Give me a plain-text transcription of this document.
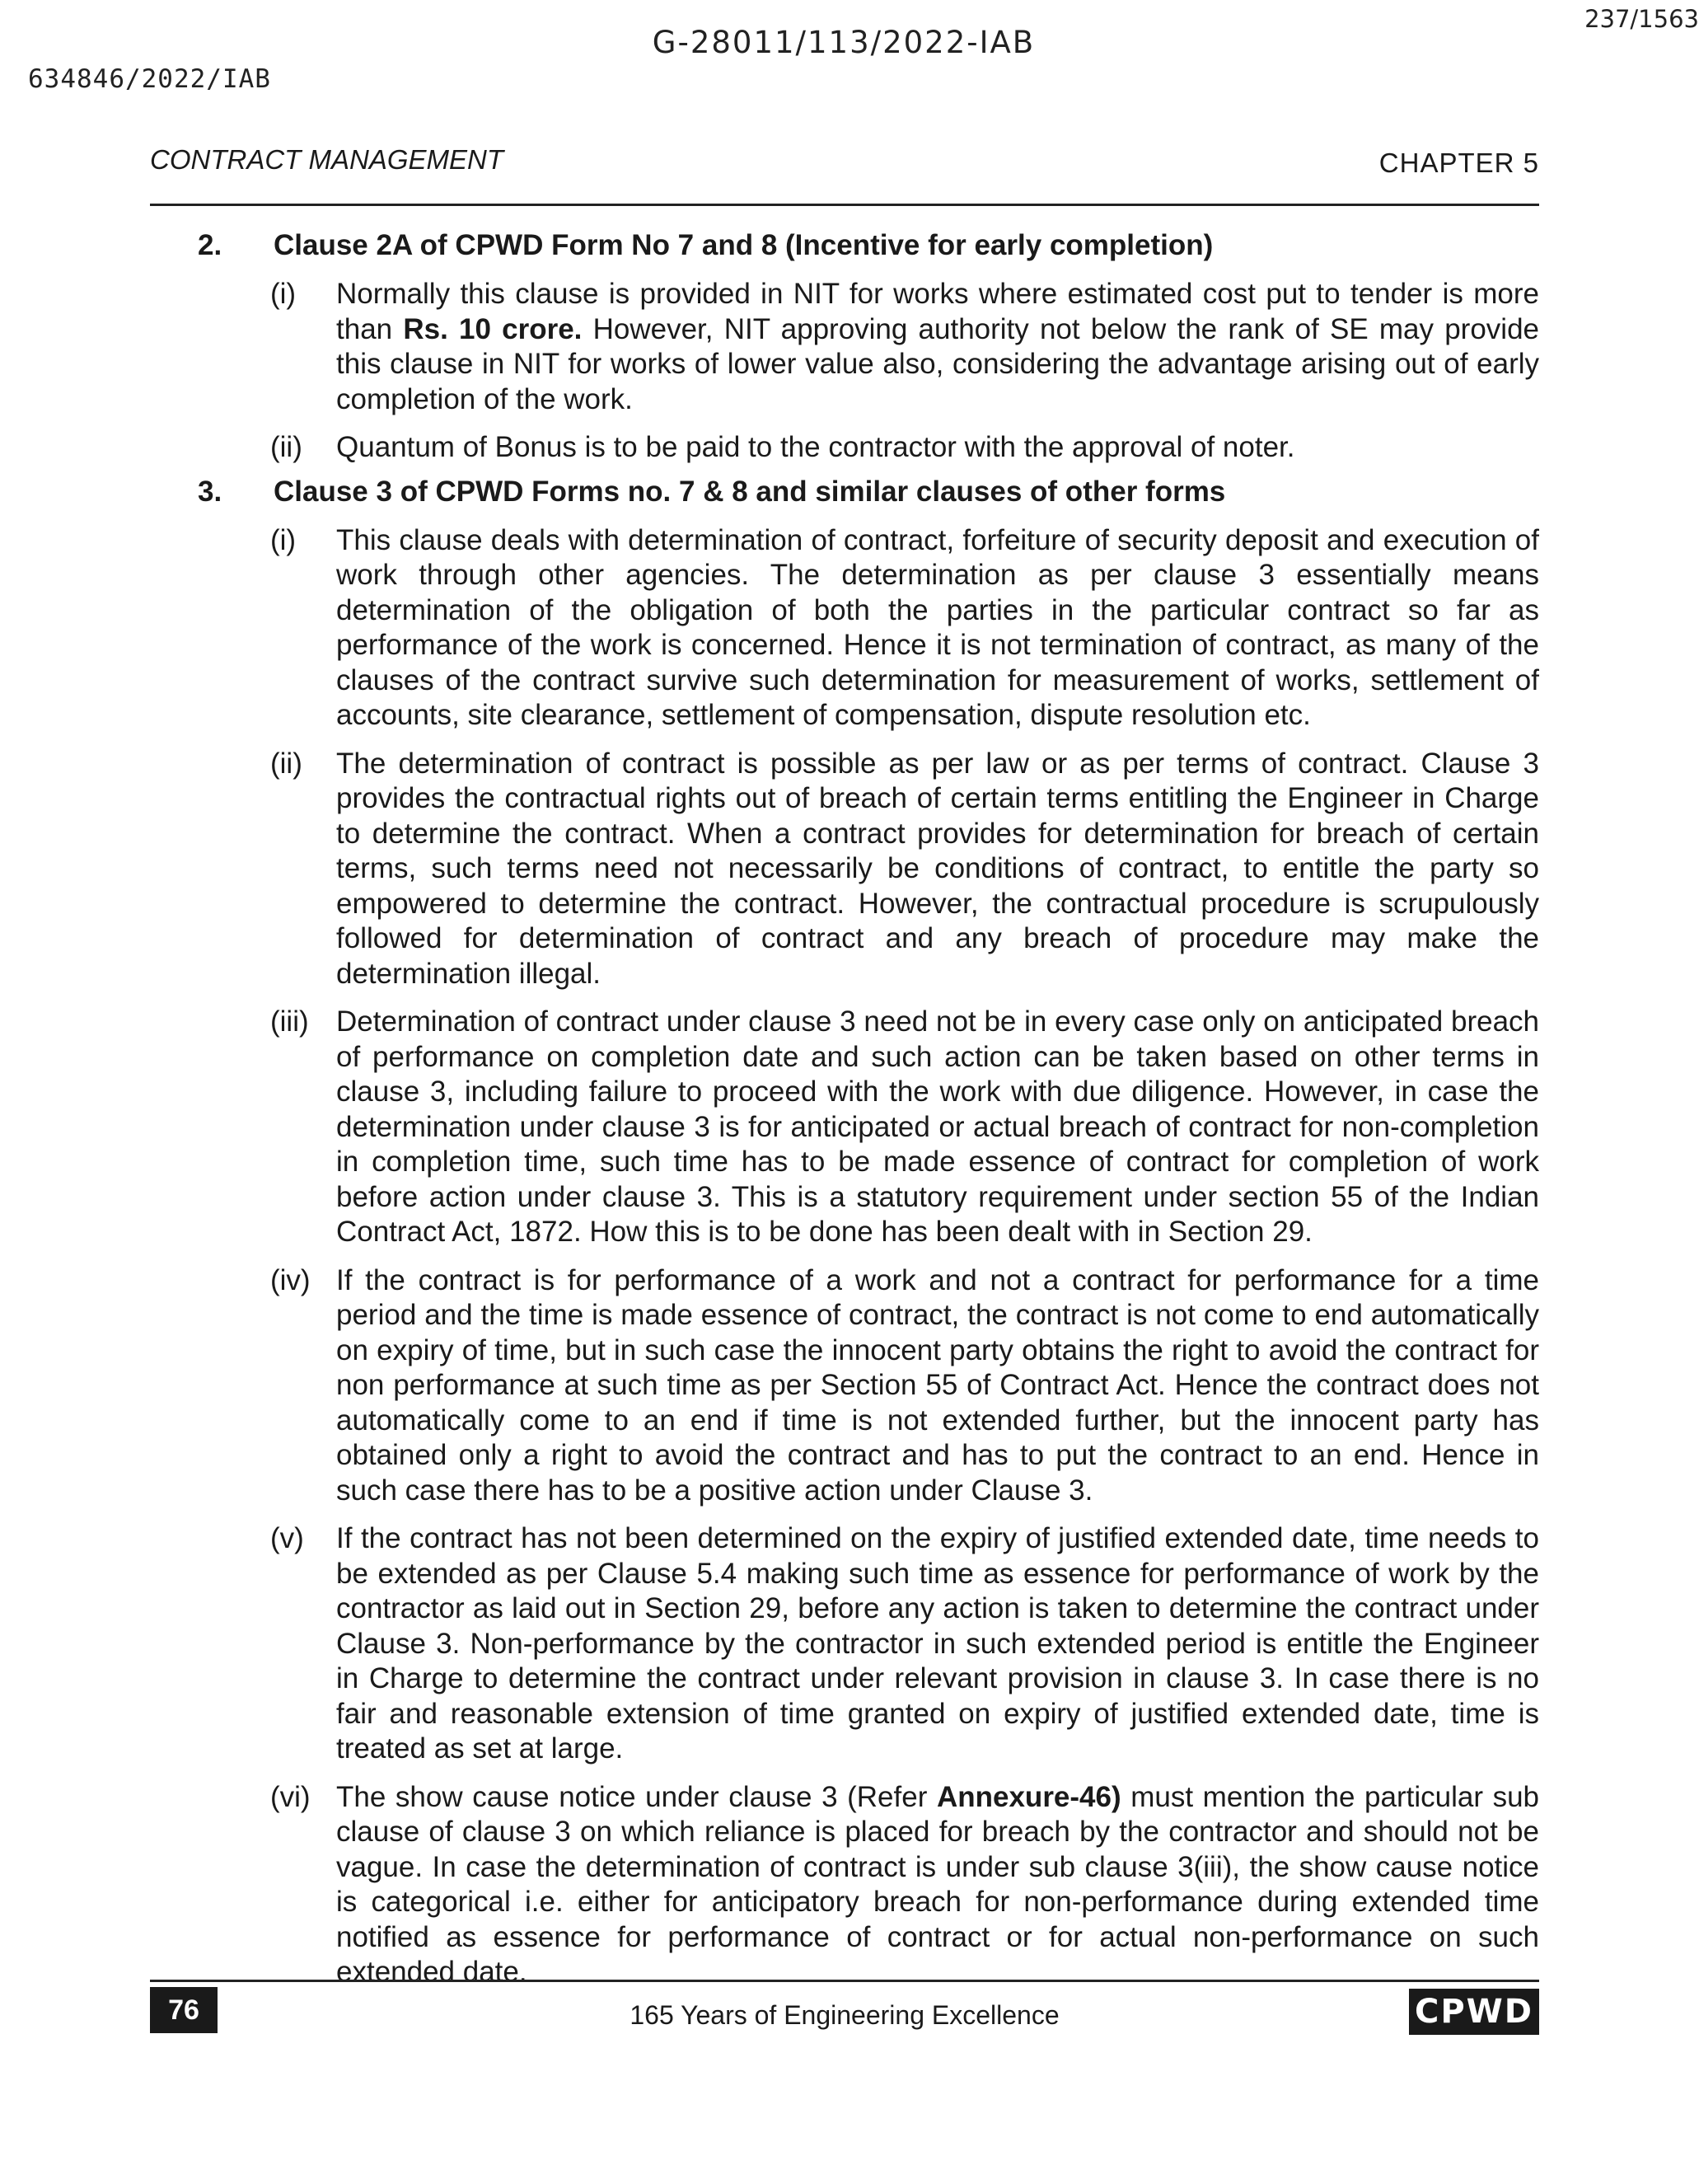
G-28011/113/2022-IAB
237/1563
634846/2022/IAB
CONTRACT MANAGEMENT	CHAPTER 5
2. Clause 2A of CPWD Form No 7 and 8 (Incentive for early completion)
(i) Normally this clause is provided in NIT for works where estimated cost put to tender is more than Rs. 10 crore. However, NIT approving authority not below the rank of SE may provide this clause in NIT for works of lower value also, considering the advantage arising out of early completion of the work.
(ii) Quantum of Bonus is to be paid to the contractor with the approval of noter.
3. Clause 3 of CPWD Forms no. 7 & 8 and similar clauses of other forms
(i) This clause deals with determination of contract, forfeiture of security deposit and execution of work through other agencies. The determination as per clause 3 essentially means determination of the obligation of both the parties in the particular contract so far as performance of the work is concerned. Hence it is not termination of contract, as many of the clauses of the contract survive such determination for measurement of works, settlement of accounts, site clearance, settlement of compensation, dispute resolution etc.
(ii) The determination of contract is possible as per law or as per terms of contract. Clause 3 provides the contractual rights out of breach of certain terms entitling the Engineer in Charge to determine the contract. When a contract provides for determination for breach of certain terms, such terms need not necessarily be conditions of contract, to entitle the party so empowered to determine the contract. However, the contractual procedure is scrupulously followed for determination of contract and any breach of procedure may make the determination illegal.
(iii) Determination of contract under clause 3 need not be in every case only on anticipated breach of performance on completion date and such action can be taken based on other terms in clause 3, including failure to proceed with the work with due diligence. However, in case the determination under clause 3 is for anticipated or actual breach of contract for non-completion in completion time, such time has to be made essence of contract for completion of work before action under clause 3. This is a statutory requirement under section 55 of the Indian Contract Act, 1872. How this is to be done has been dealt with in Section 29.
(iv) If the contract is for performance of a work and not a contract for performance for a time period and the time is made essence of contract, the contract is not come to end automatically on expiry of time, but in such case the innocent party obtains the right to avoid the contract for non performance at such time as per Section 55 of Contract Act. Hence the contract does not automatically come to an end if time is not extended further, but the innocent party has obtained only a right to avoid the contract and has to put the contract to an end. Hence in such case there has to be a positive action under Clause 3.
(v) If the contract has not been determined on the expiry of justified extended date, time needs to be extended as per Clause 5.4 making such time as essence for performance of work by the contractor as laid out in Section 29, before any action is taken to determine the contract under Clause 3. Non-performance by the contractor in such extended period is entitle the Engineer in Charge to determine the contract under relevant provision in clause 3. In case there is no fair and reasonable extension of time granted on expiry of justified extended date, time is treated as set at large.
(vi) The show cause notice under clause 3 (Refer Annexure-46) must mention the particular sub clause of clause 3 on which reliance is placed for breach by the contractor and should not be vague. In case the determination of contract is under sub clause 3(iii), the show cause notice is categorical i.e. either for anticipatory breach for non-performance during extended time notified as essence for performance of contract or for actual non-performance on such extended date.
76	165 Years of Engineering Excellence	CPWD
